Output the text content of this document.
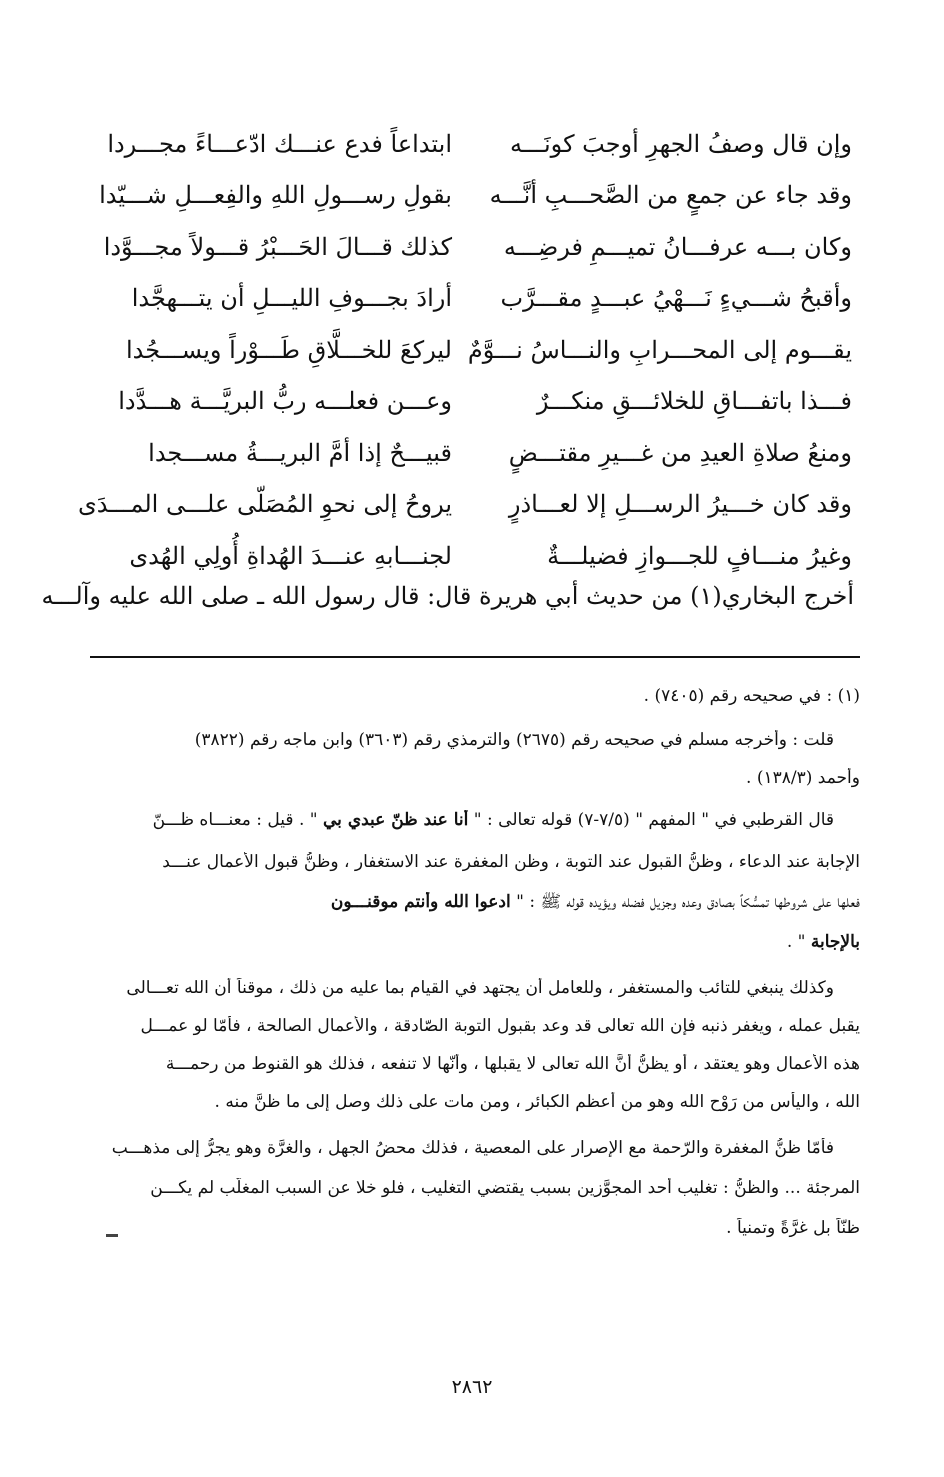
وإن قال وصفُ الجهرِ أوجبَ كونَـــه
ابتداعاً فدع عنـــك ادّعـــاءً مجـــردا
وقد جاء عن جمعٍ من الصَّحـــبِ أنَّـــه
بقولِ رســـولِ اللهِ والفِعـــلِ شـــيّدا
وكان بـــه عرفـــانُ تميـــمِ فرضِـــه
كذلك قـــالَ الحَـــبْرُ قـــولاً مجـــوَّدا
وأقبحُ شـــيءٍ نَـــهْيُ عبـــدٍ مقـــرَّب
أرادَ بجـــوفِ الليـــلِ أن يتـــهجَّدا
يقـــوم إلى المحـــرابِ والنـــاسُ نـــوَّمٌ
ليركعَ للخـــلَّاقِ طَـــوْراً ويســـجُدا
فـــذا باتفـــاقِ للخلائـــقِ منكـــرٌ
وعـــن فعلـــه ربُّ البريَّـــة هـــدَّدا
ومنعُ صلاةِ العيدِ من غـــيرِ مقتـــضٍ
قبيـــحٌ إذا أمَّ البريـــةُ مســـجدا
وقد كان خـــيرُ الرســـلِ إلا لعـــاذرٍ
يروحُ إلى نحوِ المُصَلّى علـــى المـــدَى
وغيرُ منـــافٍ للجـــوازِ فضيلـــةٌ
لجنـــابهِ عنـــدَ الهُداةِ أُولِي الهُدى
أخرج البخاري(١) من حديث أبي هريرة قال: قال رسول الله ـ صلى الله عليه وآلـــه
(١) : في صحيحه رقم (٧٤٠٥) .
قلت : وأخرجه مسلم في صحيحه رقم (٢٦٧٥) والترمذي رقم (٣٦٠٣) وابن ماجه رقم (٣٨٢٢)
وأحمد (١٣٨/٣) .
قال القرطبي في " المفهم " (٧/٥-٧) قوله تعالى : " أنا عند ظنّ عبدي بي " . قيل : معنـــاه ظـــنّ
الإجابة عند الدعاء ، وظنُّ القبول عند التوبة ، وظن المغفرة عند الاستغفار ، وظنُّ قبول الأعمال عنـــد
فعلها على شروطها تمسُّكاً بصادق وعده وجزيل فضله ويؤيده قوله ﷺ : " ادعوا الله وأنتم موقنـــون
بالإجابة " .
وكذلك ينبغي للتائب والمستغفر ، وللعامل أن يجتهد في القيام بما عليه من ذلك ، موقناً أن الله تعـــالى
يقبل عمله ، ويغفر ذنبه فإن الله تعالى قد وعد بقبول التوبة الصّادقة ، والأعمال الصالحة ، فأمّا لو عمـــل
هذه الأعمال وهو يعتقد ، أو يظنُّ أنَّ الله تعالى لا يقبلها ، وأنّها لا تنفعه ، فذلك هو القنوط من رحمـــة
الله ، واليأس من رَوْح الله وهو من أعظم الكبائر ، ومن مات على ذلك وصل إلى ما ظنَّ منه .
فأمّا ظنُّ المغفرة والرّحمة مع الإصرار على المعصية ، فذلك محضُ الجهل ، والغرَّة وهو يجرُّ إلى مذهـــب
المرجئة ... والظنُّ : تغليب أحد المجوَّزين بسبب يقتضي التغليب ، فلو خلا عن السبب المغلّب لم يكـــن
ظنّاً بل غرَّةً وتمنياً .
٢٨٦٢
